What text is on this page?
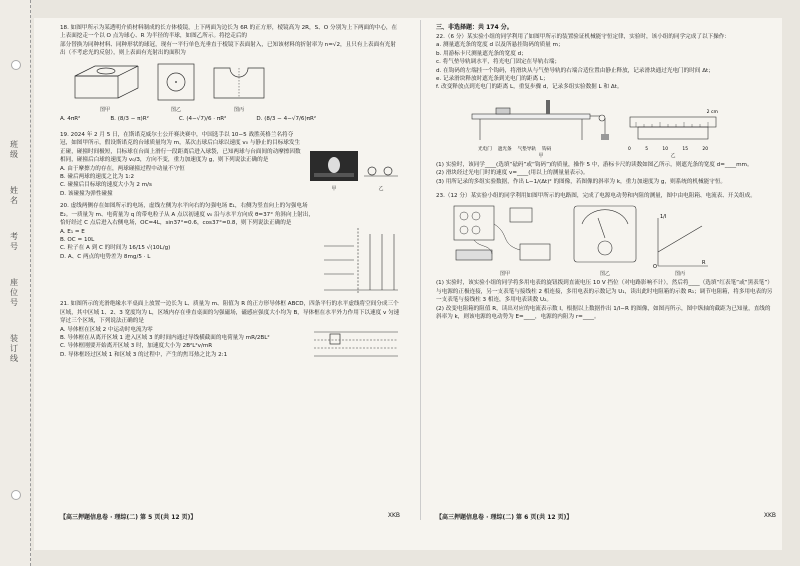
班级
姓名
考号
座位号
装订线

18. 如图甲所示为某透明介质材料制成的长方体棱镜，上下两面为边长为 6R 的正方形，棱镜高为 2R，S、O 分别为上下两面的中心，在上表面挖走一个以 O 点为球心、R 为半径的半球，如图乙所示。将挖走后的

部分替换为同种材料、同种形状的球冠，现有一平行单色光垂直于棱镜下表面射入，已知该材料的折射率为 n=√2，且只有上表面有光射出（不考虑光的反射），则上表面有光射出的面积为

图甲	图乙	图丙

A. 4πR²	B. (8/3 − π)R²	C. (4−√7)/6 · πR²	D. (8/3 − 4−√7/6)πR²

19. 2024 年 2 月 5 日，在斯诺克威尔士公开赛决赛中，中国选手以 10−5 战胜英格兰名将夺冠，如图甲所示，假设斯诺克的台球质量均为 m，某次击球后白球以速度 v₀ 与静止的目标球发生正碰，碰撞时间极短，目标球在台面上滑行一段距离后进入球袋，已知两球与台面间的动摩擦因数相同，碰撞后白球的速度为 v₀/3，方向不变，重力加速度为 g，则下列说法正确的是

A. 由于摩擦力的存在，两球碰撞过程中动量不守恒

B. 碰后两球的速度之比为 1:2

C. 碰撞后目标球的速度大小为 2 m/s

D. 该碰撞为弹性碰撞

甲	乙

20. 虚线两侧存在如图所示的电场，虚线左侧为水平向右的匀强电场 E₁，右侧为竖直向上的匀强电场 E₂。一质量为 m、电荷量为 q 的带电粒子从 A 点以初速度 v₀ 沿与水平方向成 θ=37° 角斜向上射出，恰好经过 C 点后进入右侧电场，OC=4L，sin37°=0.6，cos37°=0.8，则下列说法正确的是

A. E₁ = E

B. OC = 10L

C. 粒子在 A 到 C 的时间为 16/15 √(10L/g)

D. A、C 两点的电势差为 8mg/5 · L

21. 如图所示的光滑绝缘水平桌面上放置一边长为 L、质量为 m、阻值为 R 的正方形导体框 ABCD，四条平行的水平虚线将空间分成三个区域，其中区域 1、2、3 宽度均为 L，区域内存在垂直桌面的匀强磁场，磁感应强度大小均为 B，导体框在水平外力作用下以速度 v 匀速穿过三个区域，下列说法正确的是

A. 导体框在区域 2 中运动时电流为零

B. 导体框在从离开区域 1 进入区域 3 的时间内通过导线横截面的电荷量为 mR/2BL²

C. 导体框刚要开始离开区域 3 时，加速度大小为 2B²L²v/mR

D. 导体框经过区域 1 和区域 3 的过程中，产生的焦耳热之比为 2:1

【高三押题信息卷 · 理综(二) 第 5 页(共 12 页)】	XKB
三、非选择题：共 174 分。

22.（6 分）某实验小组的同学利用了如图甲所示的装置验证机械能守恒定律，实验时，该小组的同学完成了以下操作：

a. 测量遮光条的宽度 d 以及所悬挂钩码的质量 m；

b. 用游标卡尺测量遮光条的宽度 d；

c. 将气垫导轨调水平，将光电门固定在导轨右端；

d. 在钩码的左端挂一个钩码，将滑块从与气垫导轨的右端合适位置由静止释放，记录滑块通过光电门的时间 Δt；

e. 记录滑块释放时遮光条到光电门的距离 L；

f. 改变释放点到光电门的距离 L，重复步骤 d，记录多组实验数据 L 和 Δt。

光电门 遮光条 气垫导轨 钩码
甲
2 cm
0	5	10	15	20
乙

(1) 实验时，该同学____(选填“砝码”或“钩码”)的质量，操作 5 中，游标卡尺的读数如图乙所示，则遮光条的宽度 d=____mm。

(2) 滑块经过光电门时的速度 v=____(用以上的测量量表示)。

(3) 用所记录的多组实验数据，作出 L−1/(Δt)² 的图像，若图像的斜率为 k，重力加速度为 g，则系统的机械能守恒。

23.（12 分）某实验小组的同学利用如图甲所示的电路图，完成了电源电动势和内阻的测量，图中由电阻箱、电流表、开关组成。

图甲	图乙
1/I
R
O
图丙

(1) 实验时，该实验小组的同学将多用电表的旋钮拨到直流电压 10 V 挡位（对电路影响不计），然后将____（选填“红表笔”或“黑表笔”）与电源的正极连接，另一支表笔与接线柱 2 相连接，多用电表的示数记为 U₁，读出此时电阻箱的示数 R₁；调节电阻箱，将多用电表的另一支表笔与接线柱 3 相连，多用电表读数 U₂。

(2) 改变电阻箱的阻值 R，读出对应的电流表示数 I，根据以上数据作出 1/I−R 的图像，如图丙所示，图中纵轴的截距为已知量，直线的斜率为 k，则该电源的电动势为 E=____，电源的内阻为 r=____。

【高三押题信息卷 · 理综(二) 第 6 页(共 12 页)】	XKB
